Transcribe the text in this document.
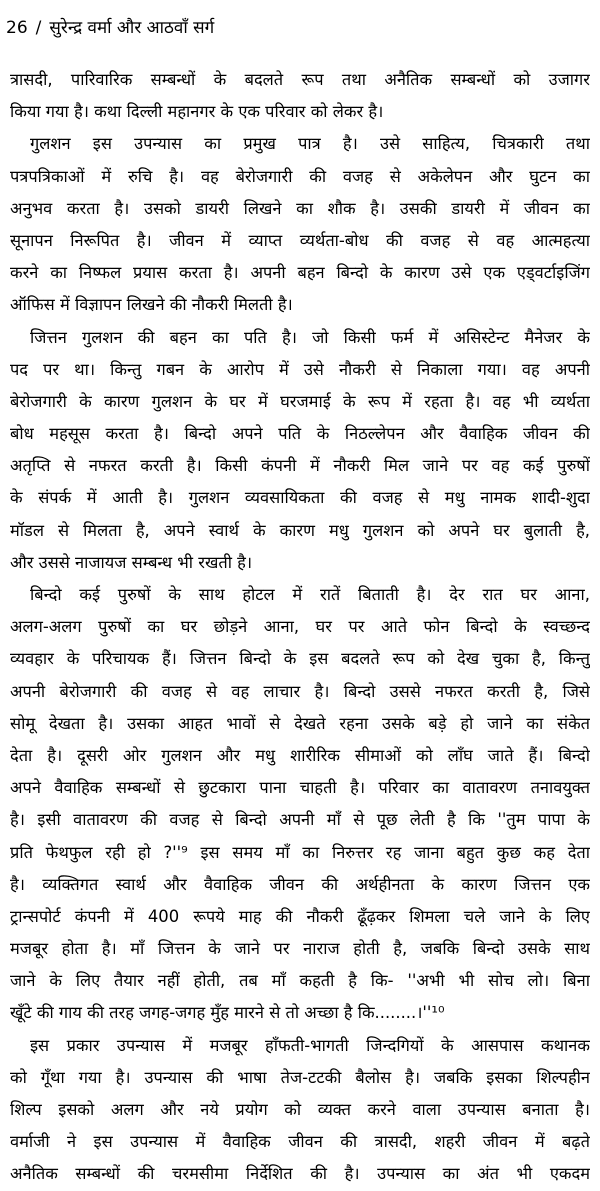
26 / सुरेन्द्र वर्मा और आठवाँ सर्ग
त्रासदी, पारिवारिक सम्बन्धों के बदलते रूप तथा अनैतिक सम्बन्धों को उजागर
किया गया है। कथा दिल्ली महानगर के एक परिवार को लेकर है।
गुलशन इस उपन्यास का प्रमुख पात्र है। उसे साहित्य, चित्रकारी तथा
पत्रपत्रिकाओं में रुचि है। वह बेरोजगारी की वजह से अकेलेपन और घुटन का
अनुभव करता है। उसको डायरी लिखने का शौक है। उसकी डायरी में जीवन का
सूनापन निरूपित है। जीवन में व्याप्त व्यर्थता-बोध की वजह से वह आत्महत्या
करने का निष्फल प्रयास करता है। अपनी बहन बिन्दो के कारण उसे एक एड्वर्टाइजिंग
ऑफिस में विज्ञापन लिखने की नौकरी मिलती है।
जित्तन गुलशन की बहन का पति है। जो किसी फर्म में असिस्टेन्ट मैनेजर के
पद पर था। किन्तु गबन के आरोप में उसे नौकरी से निकाला गया। वह अपनी
बेरोजगारी के कारण गुलशन के घर में घरजमाई के रूप में रहता है। वह भी व्यर्थता
बोध महसूस करता है। बिन्दो अपने पति के निठल्लेपन और वैवाहिक जीवन की
अतृप्ति से नफरत करती है। किसी कंपनी में नौकरी मिल जाने पर वह कई पुरुषों
के संपर्क में आती है। गुलशन व्यवसायिकता की वजह से मधु नामक शादी-शुदा
मॉडल से मिलता है, अपने स्वार्थ के कारण मधु गुलशन को अपने घर बुलाती है,
और उससे नाजायज सम्बन्ध भी रखती है।
बिन्दो कई पुरुषों के साथ होटल में रातें बिताती है। देर रात घर आना,
अलग-अलग पुरुषों का घर छोड़ने आना, घर पर आते फोन बिन्दो के स्वच्छन्द
व्यवहार के परिचायक हैं। जित्तन बिन्दो के इस बदलते रूप को देख चुका है, किन्तु
अपनी बेरोजगारी की वजह से वह लाचार है। बिन्दो उससे नफरत करती है, जिसे
सोमू देखता है। उसका आहत भावों से देखते रहना उसके बड़े हो जाने का संकेत
देता है। दूसरी ओर गुलशन और मधु शारीरिक सीमाओं को लाँघ जाते हैं। बिन्दो
अपने वैवाहिक सम्बन्धों से छुटकारा पाना चाहती है। परिवार का वातावरण तनावयुक्त
है। इसी वातावरण की वजह से बिन्दो अपनी माँ से पूछ लेती है कि ''तुम पापा के
प्रति फेथफुल रही हो ?''⁹ इस समय माँ का निरुत्तर रह जाना बहुत कुछ कह देता
है। व्यक्तिगत स्वार्थ और वैवाहिक जीवन की अर्थहीनता के कारण जित्तन एक
ट्रान्सपोर्ट कंपनी में 400 रूपये माह की नौकरी ढूँढ़कर शिमला चले जाने के लिए
मजबूर होता है। माँ जित्तन के जाने पर नाराज होती है, जबकि बिन्दो उसके साथ
जाने के लिए तैयार नहीं होती, तब माँ कहती है कि- ''अभी भी सोच लो। बिना
खूँटे की गाय की तरह जगह-जगह मुँह मारने से तो अच्छा है कि........।''¹⁰
इस प्रकार उपन्यास में मजबूर हाँफती-भागती जिन्दगियों के आसपास कथानक
को गूँथा गया है। उपन्यास की भाषा तेज-टटकी बैलोस है। जबकि इसका शिल्पहीन
शिल्प इसको अलग और नये प्रयोग को व्यक्त करने वाला उपन्यास बनाता है।
वर्माजी ने इस उपन्यास में वैवाहिक जीवन की त्रासदी, शहरी जीवन में बढ़ते
अनैतिक सम्बन्धों की चरमसीमा निर्देशित की है। उपन्यास का अंत भी एकदम
